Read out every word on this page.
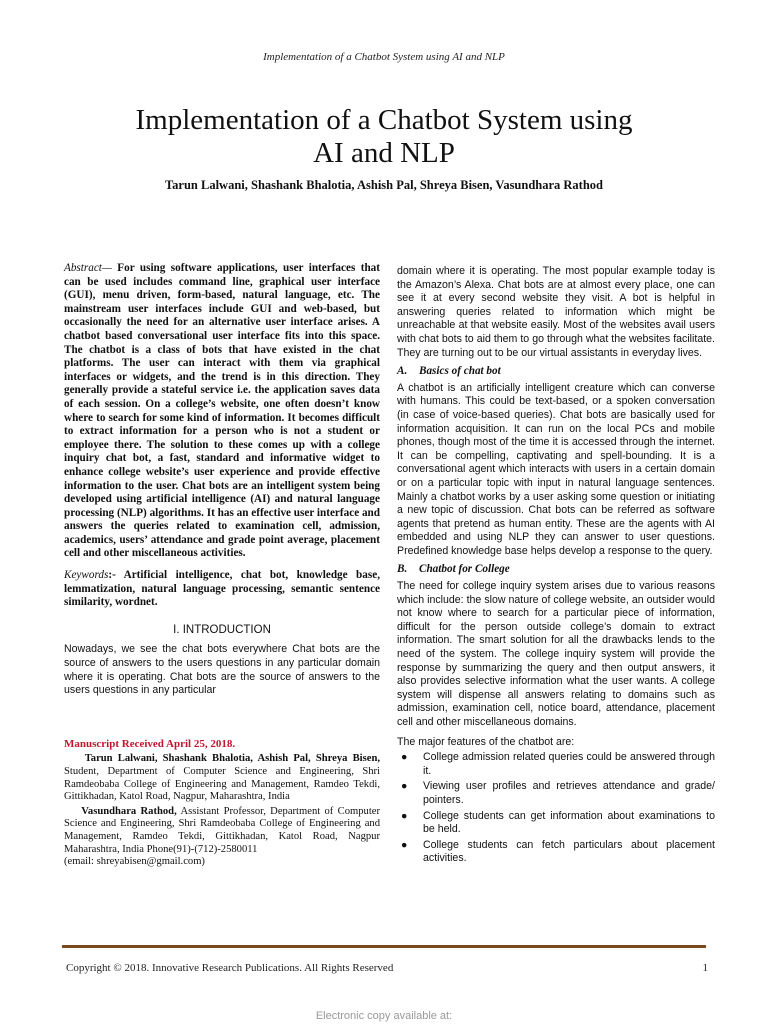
Implementation of a Chatbot System using AI and NLP
Implementation of a Chatbot System using
AI and NLP
Tarun Lalwani, Shashank Bhalotia, Ashish Pal, Shreya Bisen, Vasundhara Rathod

Abstract— For using software applications, user interfaces that can be used includes command line, graphical user interface (GUI), menu driven, form-based, natural language, etc. The mainstream user interfaces include GUI and web-based, but occasionally the need for an alternative user interface arises. A chatbot based conversational user interface fits into this space. The chatbot is a class of bots that have existed in the chat platforms. The user can interact with them via graphical interfaces or widgets, and the trend is in this direction. They generally provide a stateful service i.e. the application saves data of each session. On a college’s website, one often doesn’t know where to search for some kind of information. It becomes difficult to extract information for a person who is not a student or employee there. The solution to these comes up with a college inquiry chat bot, a fast, standard and informative widget to enhance college website’s user experience and provide effective information to the user. Chat bots are an intelligent system being developed using artificial intelligence (AI) and natural language processing (NLP) algorithms. It has an effective user interface and answers the queries related to examination cell, admission, academics, users’ attendance and grade point average, placement cell and other miscellaneous activities.

Keywords:- Artificial intelligence, chat bot, knowledge base, lemmatization, natural language processing, semantic sentence similarity, wordnet.

I. INTRODUCTION

Nowadays, we see the chat bots everywhere Chat bots are the source of answers to the users questions in any particular domain where it is operating. Chat bots are the source of answers to the users questions in any particular

Manuscript Received April 25, 2018.

Tarun Lalwani, Shashank Bhalotia, Ashish Pal, Shreya Bisen, Student, Department of Computer Science and Engineering, Shri Ramdeobaba College of Engineering and Management, Ramdeo Tekdi, Gittikhadan, Katol Road, Nagpur, Maharashtra, India

Vasundhara Rathod, Assistant Professor, Department of Computer Science and Engineering, Shri Ramdeobaba College of Engineering and Management, Ramdeo Tekdi, Gittikhadan, Katol Road, Nagpur Maharashtra, India Phone(91)-(712)-2580011

(email: shreyabisen@gmail.com)

domain where it is operating. The most popular example today is the Amazon’s Alexa. Chat bots are at almost every place, one can see it at every second website they visit. A bot is helpful in answering queries related to information which might be unreachable at that website easily. Most of the websites avail users with chat bots to aid them to go through what the websites facilitate. They are turning out to be our virtual assistants in everyday lives.

A. Basics of chat bot

A chatbot is an artificially intelligent creature which can converse with humans. This could be text-based, or a spoken conversation (in case of voice-based queries). Chat bots are basically used for information acquisition. It can run on the local PCs and mobile phones, though most of the time it is accessed through the internet. It can be compelling, captivating and spell-bounding. It is a conversational agent which interacts with users in a certain domain or on a particular topic with input in natural language sentences. Mainly a chatbot works by a user asking some question or initiating a new topic of discussion. Chat bots can be referred as software agents that pretend as human entity. These are the agents with AI embedded and using NLP they can answer to user questions. Predefined knowledge base helps develop a response to the query.

B. Chatbot for College

The need for college inquiry system arises due to various reasons which include: the slow nature of college website, an outsider would not know where to search for a particular piece of information, difficult for the person outside college’s domain to extract information. The smart solution for all the drawbacks lends to the need of the system. The college inquiry system will provide the response by summarizing the query and then output answers, it also provides selective information what the user wants. A college system will dispense all answers relating to domains such as admission, examination cell, notice board, attendance, placement cell and other miscellaneous domains.

The major features of the chatbot are:

● College admission related queries could be answered through it.
● Viewing user profiles and retrieves attendance and grade/ pointers.
● College students can get information about examinations to be held.
● College students can fetch particulars about placement activities.
Copyright © 2018. Innovative Research Publications. All Rights Reserved	1
Electronic copy available at:
